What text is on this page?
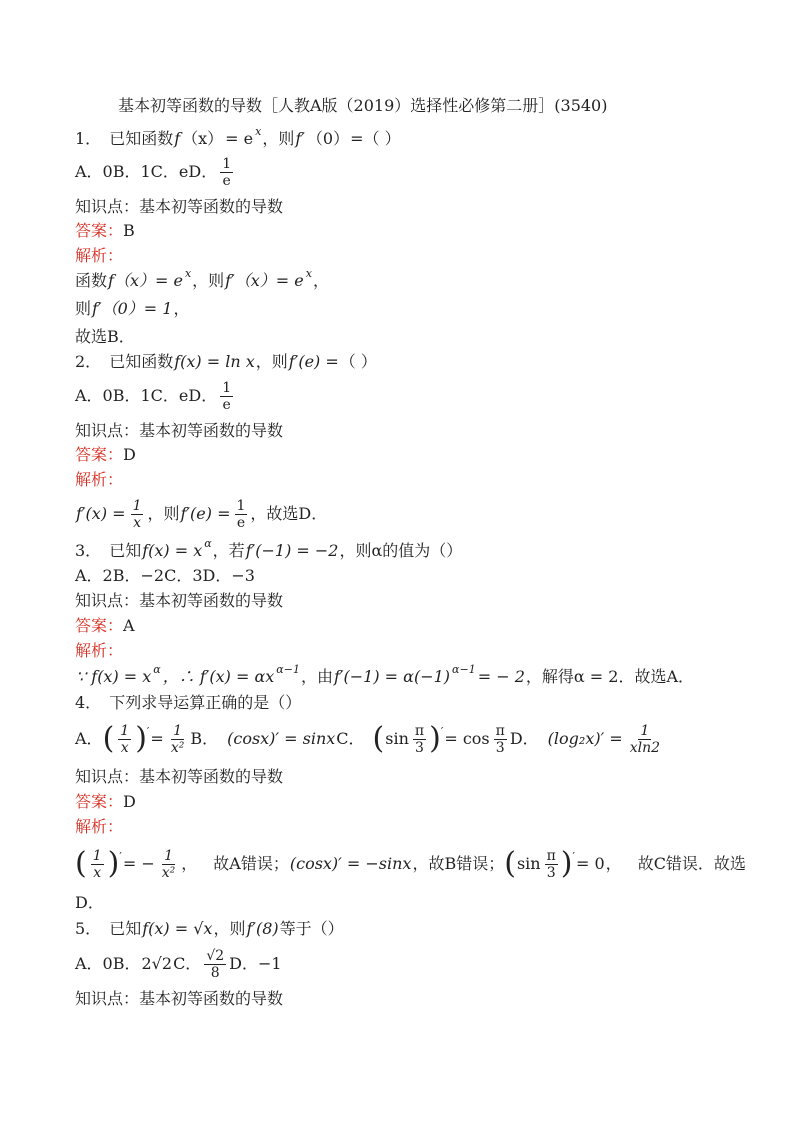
基本初等函数的导数［人教A版（2019）选择性必修第二册］(3540)
1． 已知函数 f （x） = e x ，则 f′ （0） =（ ）
A．0B．1C．eD． $\frac{1}{e}$
知识点： 基本初等函数的导数
答案： B
解析：
函数 f（x）= e x ，则 f′（x）= e x ，
则 f′（0）= 1 ，
故选B．
2． 已知函数 f(x) = ln x ，则 f′(e) = （ ）
A．0B．1C．eD． $\frac{1}{e}$
知识点： 基本初等函数的导数
答案： D
解析：
$f'(x) = \frac{1}{x}$ ，则 $f'(e) = \frac{1}{e}$ ，故选D．
3． 已知 f(x) = x α ，若 f′(−1) = −2 ，则α的值为（）
A．2B．−2C．3D．−3
知识点： 基本初等函数的导数
答案： A
解析：
∵ f(x) = x α ，∴ f′(x) = αx α−1 ，由 f′(−1) = α(−1) α−1 = − 2 ，解得α = 2．故选A．
4． 下列求导运算正确的是（）
A． ( $\frac{1}{x}$ ) ′ = $\frac{1}{\text{x²}}$ B． (cosx)′ = sinx C． ( $\sin \frac{\pi}{3}$ ) ′ = $\cos \frac{\pi}{3}$ D． $(\log_2x)' = \frac{1}{xln2}$
知识点： 基本初等函数的导数
答案： D
解析：
( $\frac{1}{x}$ ) ′ = − $\frac{1}{\text{x²}}$ ， 故A错误； (cosx)′ = −sinx ，故B错误； ( $\sin \frac{\pi}{3}$ ) ′ = 0 ， 故C错误．故选
D．
5． 已知 f(x) = √x ，则 f′(8) 等于（）
A．0B． 2√2 C． $\frac{√2}{8}$ D．−1
知识点： 基本初等函数的导数
